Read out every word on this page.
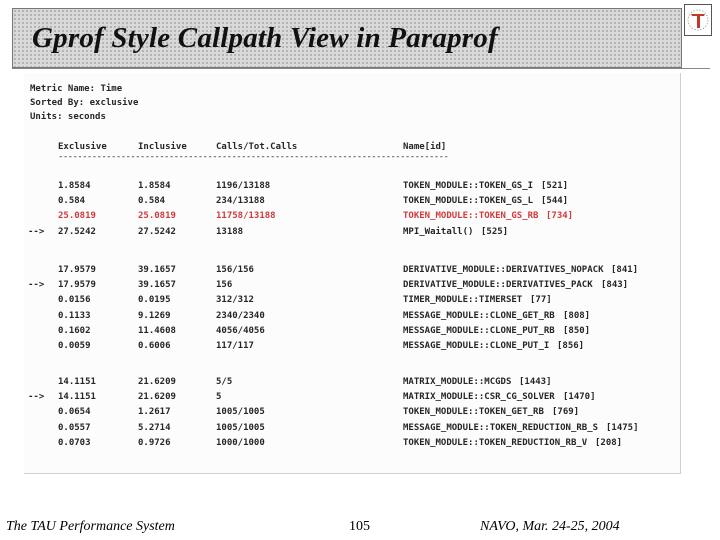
Gprof Style Callpath View in Paraprof
The TAU Performance System	105	NAVO, Mar. 24-25, 2004
Metric Name: Time
Sorted By: exclusive
Units: seconds
Exclusive	Inclusive	Calls/Tot.Calls	Name[id]
---------------------------------------------------------------------------------
1.8584	1.8584	1196/13188	TOKEN_MODULE::TOKEN_GS_I [521]
0.584	0.584	234/13188	TOKEN_MODULE::TOKEN_GS_L [544]
25.0819	25.0819	11758/13188	TOKEN_MODULE::TOKEN_GS_RB [734]
--> 27.5242	27.5242	13188	MPI_Waitall() [525]
17.9579	39.1657	156/156	DERIVATIVE_MODULE::DERIVATIVES_NOPACK [841]
--> 17.9579	39.1657	156	DERIVATIVE_MODULE::DERIVATIVES_PACK [843]
0.0156	0.0195	312/312	TIMER_MODULE::TIMERSET [77]
0.1133	9.1269	2340/2340	MESSAGE_MODULE::CLONE_GET_RB [808]
0.1602	11.4608	4056/4056	MESSAGE_MODULE::CLONE_PUT_RB [850]
0.0059	0.6006	117/117	MESSAGE_MODULE::CLONE_PUT_I [856]
14.1151	21.6209	5/5	MATRIX_MODULE::MCGDS [1443]
--> 14.1151	21.6209	5	MATRIX_MODULE::CSR_CG_SOLVER [1470]
0.0654	1.2617	1005/1005	TOKEN_MODULE::TOKEN_GET_RB [769]
0.0557	5.2714	1005/1005	MESSAGE_MODULE::TOKEN_REDUCTION_RB_S [1475]
0.0703	0.9726	1000/1000	TOKEN_MODULE::TOKEN_REDUCTION_RB_V [208]
